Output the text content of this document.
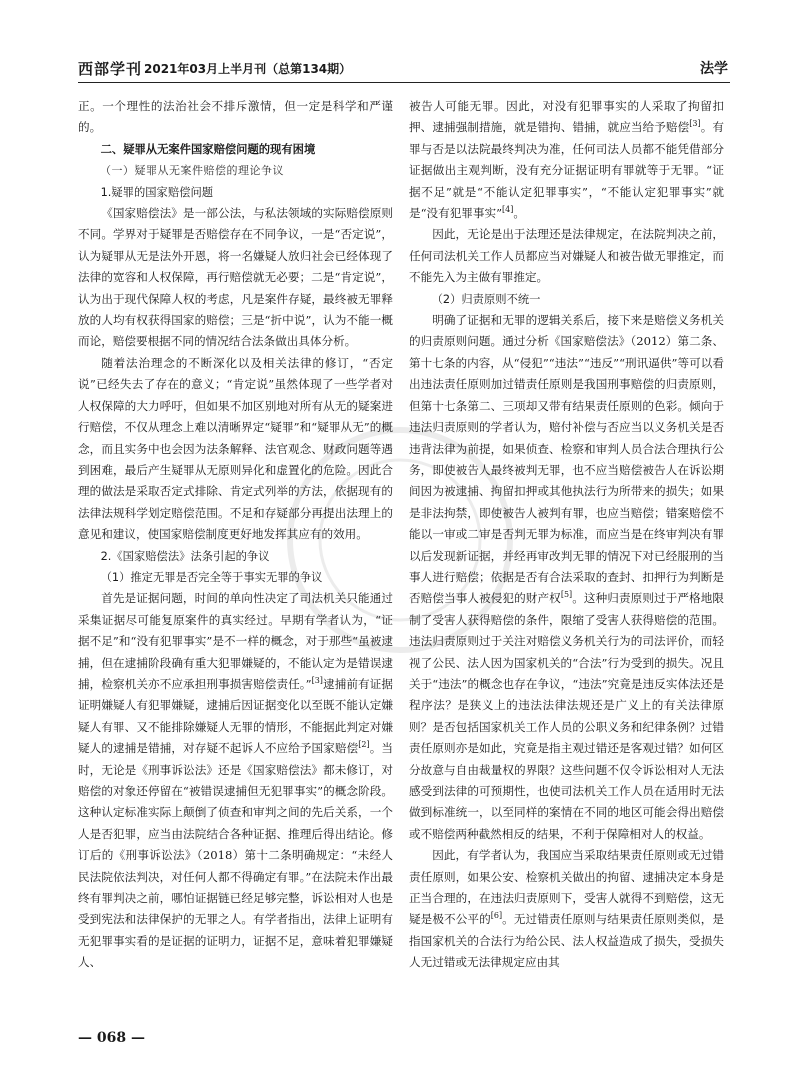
西部学刊 2021年03月上半月刊（总第134期）	法学

正。一个理性的法治社会不排斥激情，但一定是科学和严谨的。

二、疑罪从无案件国家赔偿问题的现有困境

（一）疑罪从无案件赔偿的理论争议

1.疑罪的国家赔偿问题

《国家赔偿法》是一部公法，与私法领域的实际赔偿原则不同。学界对于疑罪是否赔偿存在不同争议，一是“否定说”，认为疑罪从无是法外开恩，将一名嫌疑人放归社会已经体现了法律的宽容和人权保障，再行赔偿就无必要；二是“肯定说”，认为出于现代保障人权的考虑，凡是案件存疑，最终被无罪释放的人均有权获得国家的赔偿；三是“折中说”，认为不能一概而论，赔偿要根据不同的情况结合法条做出具体分析。

随着法治理念的不断深化以及相关法律的修订，“否定说”已经失去了存在的意义；“肯定说”虽然体现了一些学者对人权保障的大力呼吁，但如果不加区别地对所有从无的疑案进行赔偿，不仅从理念上难以清晰界定“疑罪”和“疑罪从无”的概念，而且实务中也会因为法条解释、法官观念、财政问题等遇到困难，最后产生疑罪从无原则异化和虚置化的危险。因此合理的做法是采取否定式排除、肯定式列举的方法，依据现有的法律法规科学划定赔偿范围。不足和存疑部分再提出法理上的意见和建议，使国家赔偿制度更好地发挥其应有的效用。

2.《国家赔偿法》法条引起的争议

（1）推定无罪是否完全等于事实无罪的争议

首先是证据问题，时间的单向性决定了司法机关只能通过采集证据尽可能复原案件的真实经过。早期有学者认为，“证据不足”和“没有犯罪事实”是不一样的概念，对于那些“虽被逮捕，但在逮捕阶段确有重大犯罪嫌疑的，不能认定为是错误逮捕，检察机关亦不应承担刑事损害赔偿责任。”[3]逮捕前有证据证明嫌疑人有犯罪嫌疑，逮捕后因证据变化以至既不能认定嫌疑人有罪、又不能排除嫌疑人无罪的情形，不能据此判定对嫌疑人的逮捕是错捕，对存疑不起诉人不应给予国家赔偿[2]。当时，无论是《刑事诉讼法》还是《国家赔偿法》都未修订，对赔偿的对象还停留在“被错误逮捕但无犯罪事实”的概念阶段。这种认定标准实际上颠倒了侦查和审判之间的先后关系，一个人是否犯罪，应当由法院结合各种证据、推理后得出结论。修订后的《刑事诉讼法》（2018）第十二条明确规定：“未经人民法院依法判决，对任何人都不得确定有罪。”在法院未作出最终有罪判决之前，哪怕证据链已经足够完整，诉讼相对人也是受到宪法和法律保护的无罪之人。有学者指出，法律上证明有无犯罪事实看的是证据的证明力，证据不足，意味着犯罪嫌疑人、

被告人可能无罪。因此，对没有犯罪事实的人采取了拘留扣押、逮捕强制措施，就是错拘、错捕，就应当给予赔偿[3]。有罪与否是以法院最终判决为准，任何司法人员都不能凭借部分证据做出主观判断，没有充分证据证明有罪就等于无罪。“证据不足”就是“不能认定犯罪事实”，“不能认定犯罪事实”就是“没有犯罪事实”[4]。

因此，无论是出于法理还是法律规定，在法院判决之前，任何司法机关工作人员都应当对嫌疑人和被告做无罪推定，而不能先入为主做有罪推定。

（2）归责原则不统一

明确了证据和无罪的逻辑关系后，接下来是赔偿义务机关的归责原则问题。通过分析《国家赔偿法》（2012）第二条、第十七条的内容，从“侵犯”“违法”“违反”“刑讯逼供”等可以看出违法责任原则加过错责任原则是我国刑事赔偿的归责原则，但第十七条第二、三项却又带有结果责任原则的色彩。倾向于违法归责原则的学者认为，赔付补偿与否应当以义务机关是否违背法律为前提，如果侦查、检察和审判人员合法合理执行公务，即使被告人最终被判无罪，也不应当赔偿被告人在诉讼期间因为被逮捕、拘留扣押或其他执法行为所带来的损失；如果是非法拘禁，即使被告人被判有罪，也应当赔偿；错案赔偿不能以一审或二审是否判无罪为标准，而应当是在终审判决有罪以后发现新证据，并经再审改判无罪的情况下对已经服刑的当事人进行赔偿；依据是否有合法采取的查封、扣押行为判断是否赔偿当事人被侵犯的财产权[5]。这种归责原则过于严格地限制了受害人获得赔偿的条件，限缩了受害人获得赔偿的范围。违法归责原则过于关注对赔偿义务机关行为的司法评价，而轻视了公民、法人因为国家机关的“合法”行为受到的损失。况且关于“违法”的概念也存在争议，“违法”究竟是违反实体法还是程序法？是狭义上的违法法律法规还是广义上的有关法律原则？是否包括国家机关工作人员的公职义务和纪律条例？过错责任原则亦是如此，究竟是指主观过错还是客观过错？如何区分故意与自由裁量权的界限？这些问题不仅令诉讼相对人无法感受到法律的可预期性，也使司法机关工作人员在适用时无法做到标准统一，以至同样的案情在不同的地区可能会得出赔偿或不赔偿两种截然相反的结果，不利于保障相对人的权益。

因此，有学者认为，我国应当采取结果责任原则或无过错责任原则，如果公安、检察机关做出的拘留、逮捕决定本身是正当合理的，在违法归责原则下，受害人就得不到赔偿，这无疑是极不公平的[6]。无过错责任原则与结果责任原则类似，是指国家机关的合法行为给公民、法人权益造成了损失，受损失人无过错或无法律规定应由其

— 068 —
